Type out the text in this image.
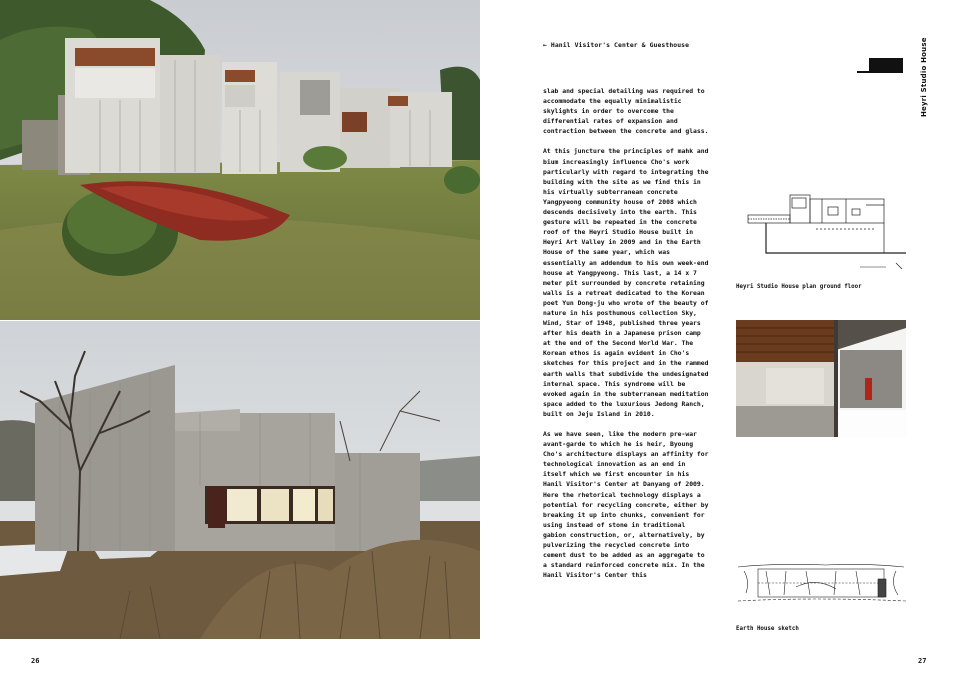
26
← Hanil Visitor's Center & Guesthouse	Heyri Studio House

slab and special detailing was required to accommodate the equally minimalistic skylights in order to overcome the differential rates of expansion and contraction between the concrete and glass.

At this juncture the principles of mahk and bium increasingly influence Cho's work particularly with regard to integrating the building with the site as we find this in his virtually subterranean concrete Yangpyeong community house of 2008 which descends decisively into the earth. This gesture will be repeated in the concrete roof of the Heyri Studio House built in Heyri Art Valley in 2009 and in the Earth House of the same year, which was essentially an addendum to his own week-end house at Yangpyeong. This last, a 14 x 7 meter pit surrounded by concrete retaining walls is a retreat dedicated to the Korean poet Yun Dong-ju who wrote of the beauty of nature in his posthumous collection Sky, Wind, Star of 1948, published three years after his death in a Japanese prison camp at the end of the Second World War. The Korean ethos is again evident in Cho's sketches for this project and in the rammed earth walls that subdivide the undesignated internal space. This syndrome will be evoked again in the subterranean meditation space added to the luxurious Jedong Ranch, built on Jeju Island in 2010.

As we have seen, like the modern pre-war avant-garde to which he is heir, Byoung Cho's architecture displays an affinity for technological innovation as an end in itself which we first encounter in his Hanil Visitor's Center at Danyang of 2009. Here the rhetorical technology displays a potential for recycling concrete, either by breaking it up into chunks, convenient for using instead of stone in traditional gabion construction, or, alternatively, by pulverizing the recycled concrete into cement dust to be added as an aggregate to a standard reinforced concrete mix. In the Hanil Visitor's Center this

Heyri Studio House plan ground floor
Earth House sketch
27
